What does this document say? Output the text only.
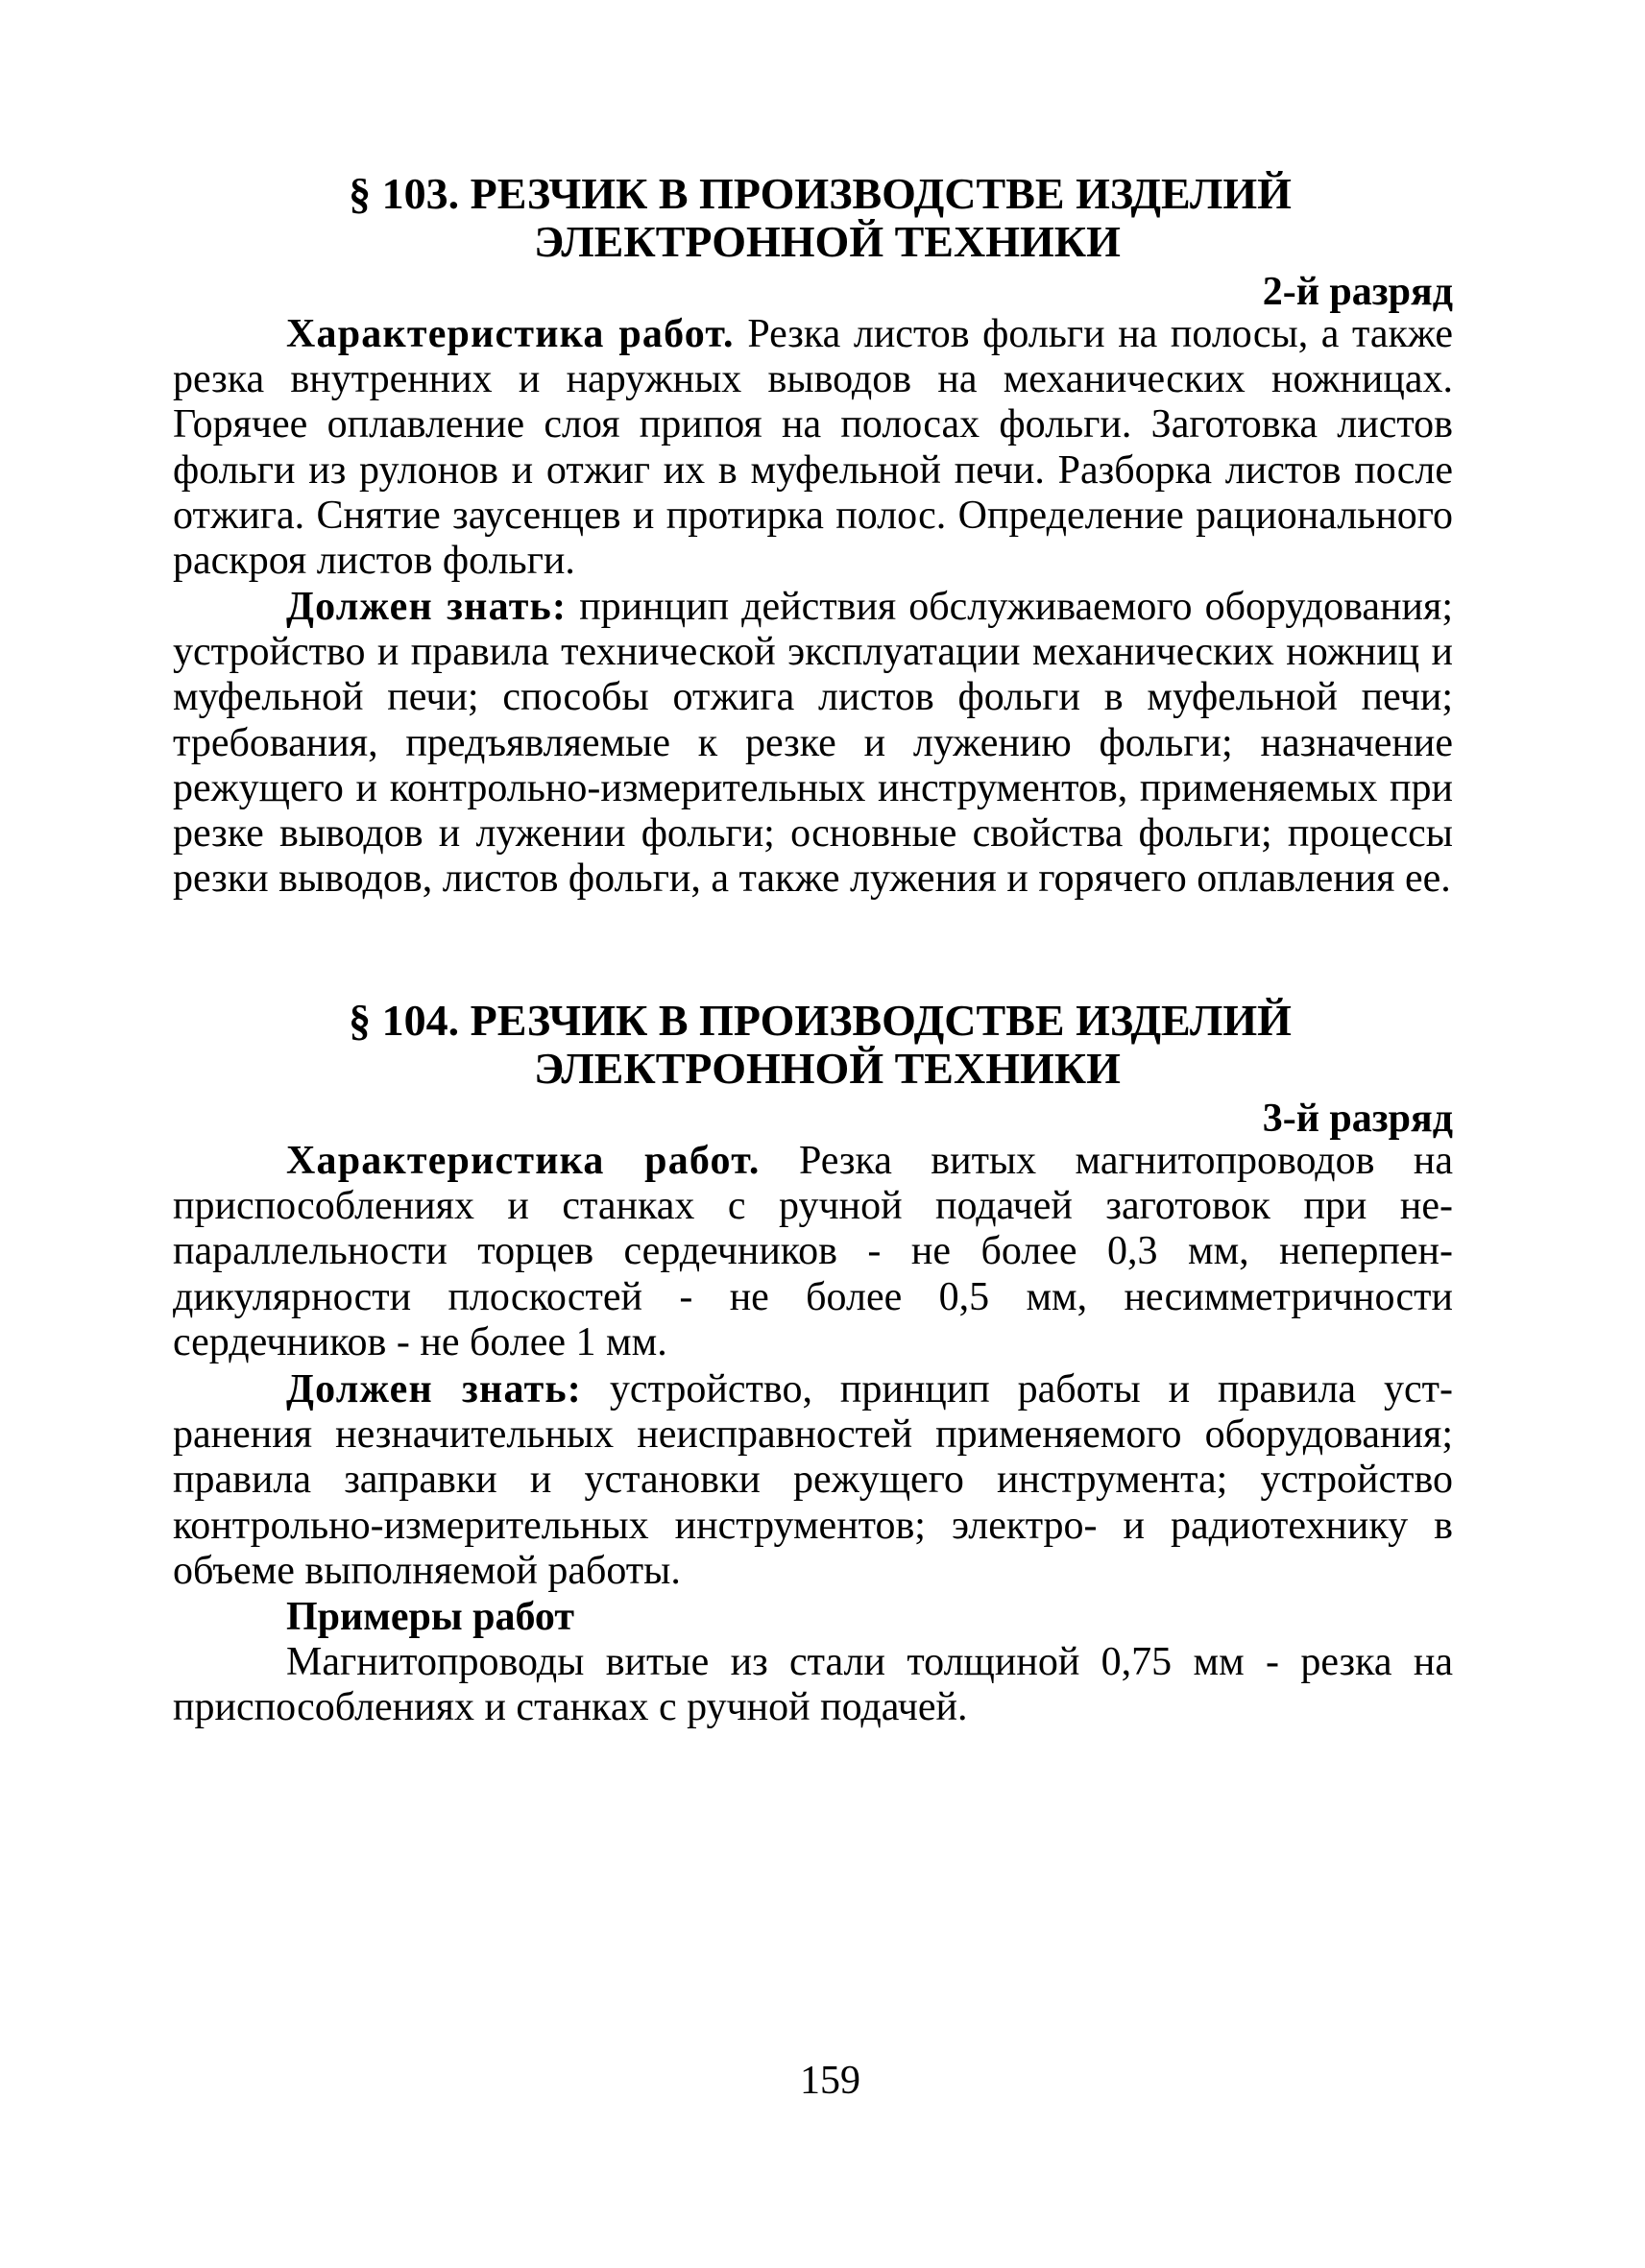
§ 103. РЕЗЧИК В ПРОИЗВОДСТВЕ ИЗДЕЛИЙ
ЭЛЕКТРОННОЙ ТЕХНИКИ
2-й разряд
Характеристика работ. Резка листов фольги на полосы, а также резка внутренних и наружных выводов на механических ножницах. Горячее оплавление слоя припоя на полосах фольги. Заготовка листов фольги из рулонов и отжиг их в муфельной печи. Разборка листов после отжига. Снятие заусенцев и протирка полос. Определение рационального раскроя листов фольги.
Должен знать: принцип действия обслуживаемого оборудования; устройство и правила технической эксплуатации механических ножниц и муфельной печи; способы отжига листов фольги в муфельной печи; требования, предъявляемые к резке и лужению фольги; назначение режущего и контрольно-измерительных инструментов, применяемых при резке выводов и лужении фольги; основные свойства фольги; процессы резки выводов, листов фольги, а также лужения и горячего оплавления ее.
§ 104. РЕЗЧИК В ПРОИЗВОДСТВЕ ИЗДЕЛИЙ
ЭЛЕКТРОННОЙ ТЕХНИКИ
3-й разряд
Характеристика работ. Резка витых магнитопроводов на приспособлениях и станках с ручной подачей заготовок при непараллельности торцев сердечников - не более 0,3 мм, неперпендикулярности плоскостей - не более 0,5 мм, несимметричности сердечников - не более 1 мм.
Должен знать: устройство, принцип работы и правила устранения незначительных неисправностей применяемого оборудования; правила заправки и установки режущего инструмента; устройство контрольно-измерительных инструментов; электро- и радиотехнику в объеме выполняемой работы.
Примеры работ
Магнитопроводы витые из стали толщиной 0,75 мм - резка на приспособлениях и станках с ручной подачей.
159
